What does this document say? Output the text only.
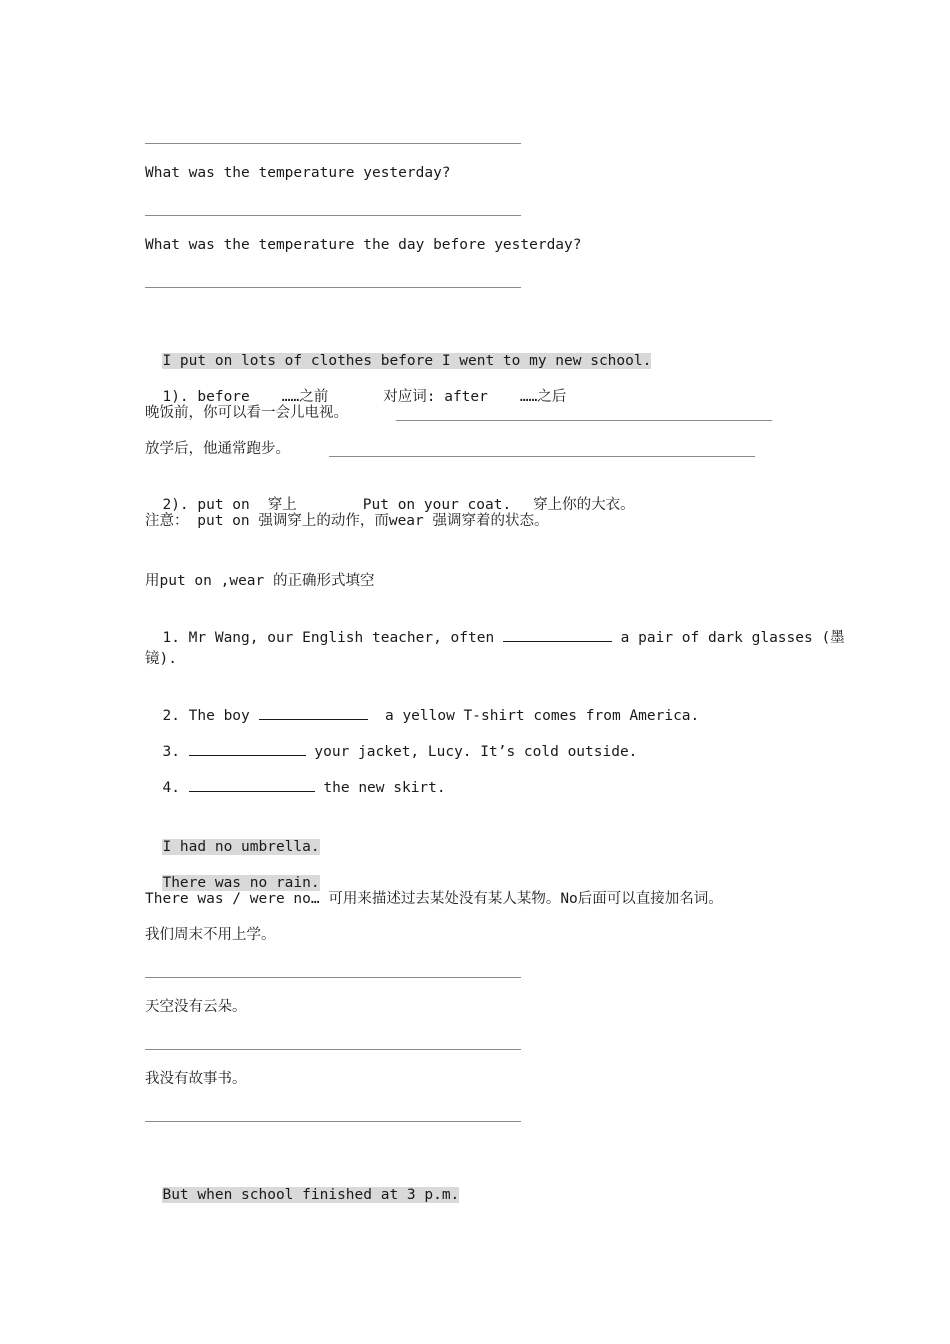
What was the temperature yesterday?
What was the temperature the day before yesterday?

I put on lots of clothes before I went to my new school.

1). before ……之前	对应词: after ……之后

晚饭前，你可以看一会儿电视。
放学后，他通常跑步。

2). put on 穿上	Put on your coat. 穿上你的大衣。

注意： put on 强调穿上的动作，而wear 强调穿着的状态。
用put on ,wear 的正确形式填空

1. Mr Wang, our English teacher, often	a pair of dark glasses (墨

镜).

2. The boy	a yellow T-shirt comes from America.

3.	your jacket, Lucy. It’s cold outside.

4.	the new skirt.

I had no umbrella.

There was no rain.

There was / were no… 可用来描述过去某处没有某人某物。No后面可以直接加名词。
我们周末不用上学。
天空没有云朵。
我没有故事书。

But when school finished at 3 p.m.
